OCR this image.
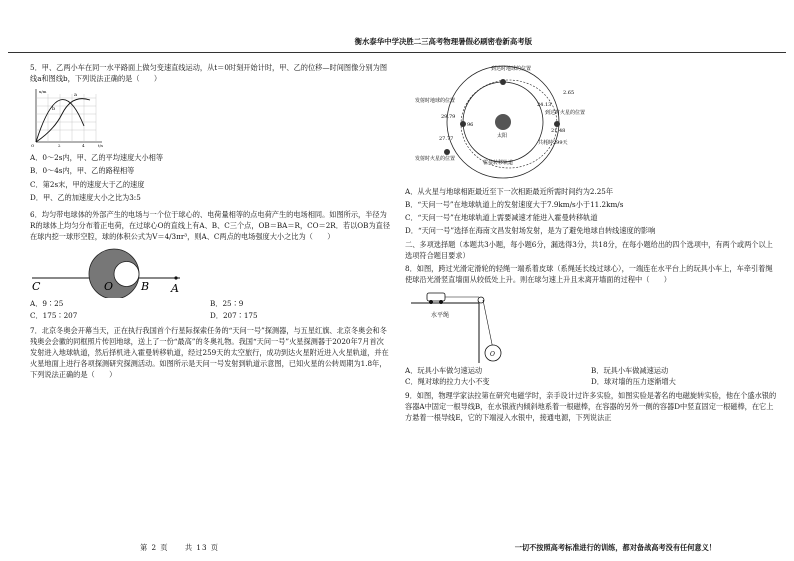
衡水泰华中学决胜二三高考物理暑假必刷密卷新高考版

5．甲、乙两小车在同一水平路面上做匀变速直线运动，从t＝0时刻开始计时，甲、乙的位移—时间图像分别为图线a和图线b，下列说法正确的是（　　）

x/m
t/s
a
b
O	2	4

A．0～2s内，甲、乙的平均速度大小相等

B．0～4s内，甲、乙的路程相等

C．第2s末，甲的速度大于乙的速度

D．甲、乙的加速度大小之比为3:5

6．均匀带电球体的外部产生的电场与一个位于球心的、电荷量相等的点电荷产生的电场相同。如图所示，半径为R的球体上均匀分布着正电荷，在过球心O的直线上有A、B、C三个点，OB＝BA＝R，CO＝2R．若以OB为直径在球内挖一球形空腔，球的体积公式为V＝4/3πr³，则A、C两点的电场强度大小之比为（　　）

C	O	B A
A．9∶25	B．25∶9
C．175∶207	D．207∶175

7．北京冬奥会开幕当天，正在执行我国首个行星际探索任务的“天问一号”探测器，与五星红旗、北京冬奥会和冬残奥会会徽的同框照片传回地球，送上了一份“最高”的冬奥礼物。我国“天问一号”火星探测器于2020年7月首次发射进入地球轨道，然后择机进入霍曼转移轨道，经过259天的太空旅行，成功到达火星附近进入火星轨道，并在火星地面上进行各项探测研究探测活动。如图所示是天问一号发射到轨道示意图，已知火星的公转周期为1.8年，下列说法正确的是（　　）

太阳
到达时地球的位置
发射时地球的位置
发射时火星的位置
到达时火星的位置
霍曼转移轨道
共耗时299天
2.65
24.13
29.79
21.48
96
27.77

A．从火星与地球相距最近至下一次相距最近所需时间约为2.25年

B．“天问一号”在地球轨道上的发射速度大于7.9km/s小于11.2km/s

C．“天问一号”在地球轨道上需要减速才能进入霍曼转移轨道

D．“天问一号”选择在海南文昌发射场发射，是为了避免地球自转线速度的影响

二、多项选择题（本题共3小题，每小题6分，漏选得3分，共18分，在每小题给出的四个选项中，有两个或两个以上选项符合题目要求）

8．如图，跨过光滑定滑轮的轻绳一端系着皮球（系绳延长线过球心），一端连在水平台上的玩具小车上，车牵引着绳使球沿光滑竖直墙面从较低处上升。则在球匀速上升且未离开墙面的过程中（　　）

O
水平绳
A．玩具小车做匀速运动	B．玩具小车做减速运动
C．绳对球的拉力大小不变	D．球对墙的压力逐渐增大

9．如图，物理学家法拉第在研究电磁学时，亲手设计过许多实验，如图实验是著名的电磁旋转实验，他在个盛水银的容器A中固定一根导线B，在水银液内倾斜地系着一根磁棒，在容器的另外一侧的容器D中竖直固定一根磁棒，在它上方悬着一根导线E，它的下端浸入水银中，接通电源，下列说法正

第 2 页　　共 13 页	一切不按照高考标准进行的训练，都对备战高考没有任何意义！
